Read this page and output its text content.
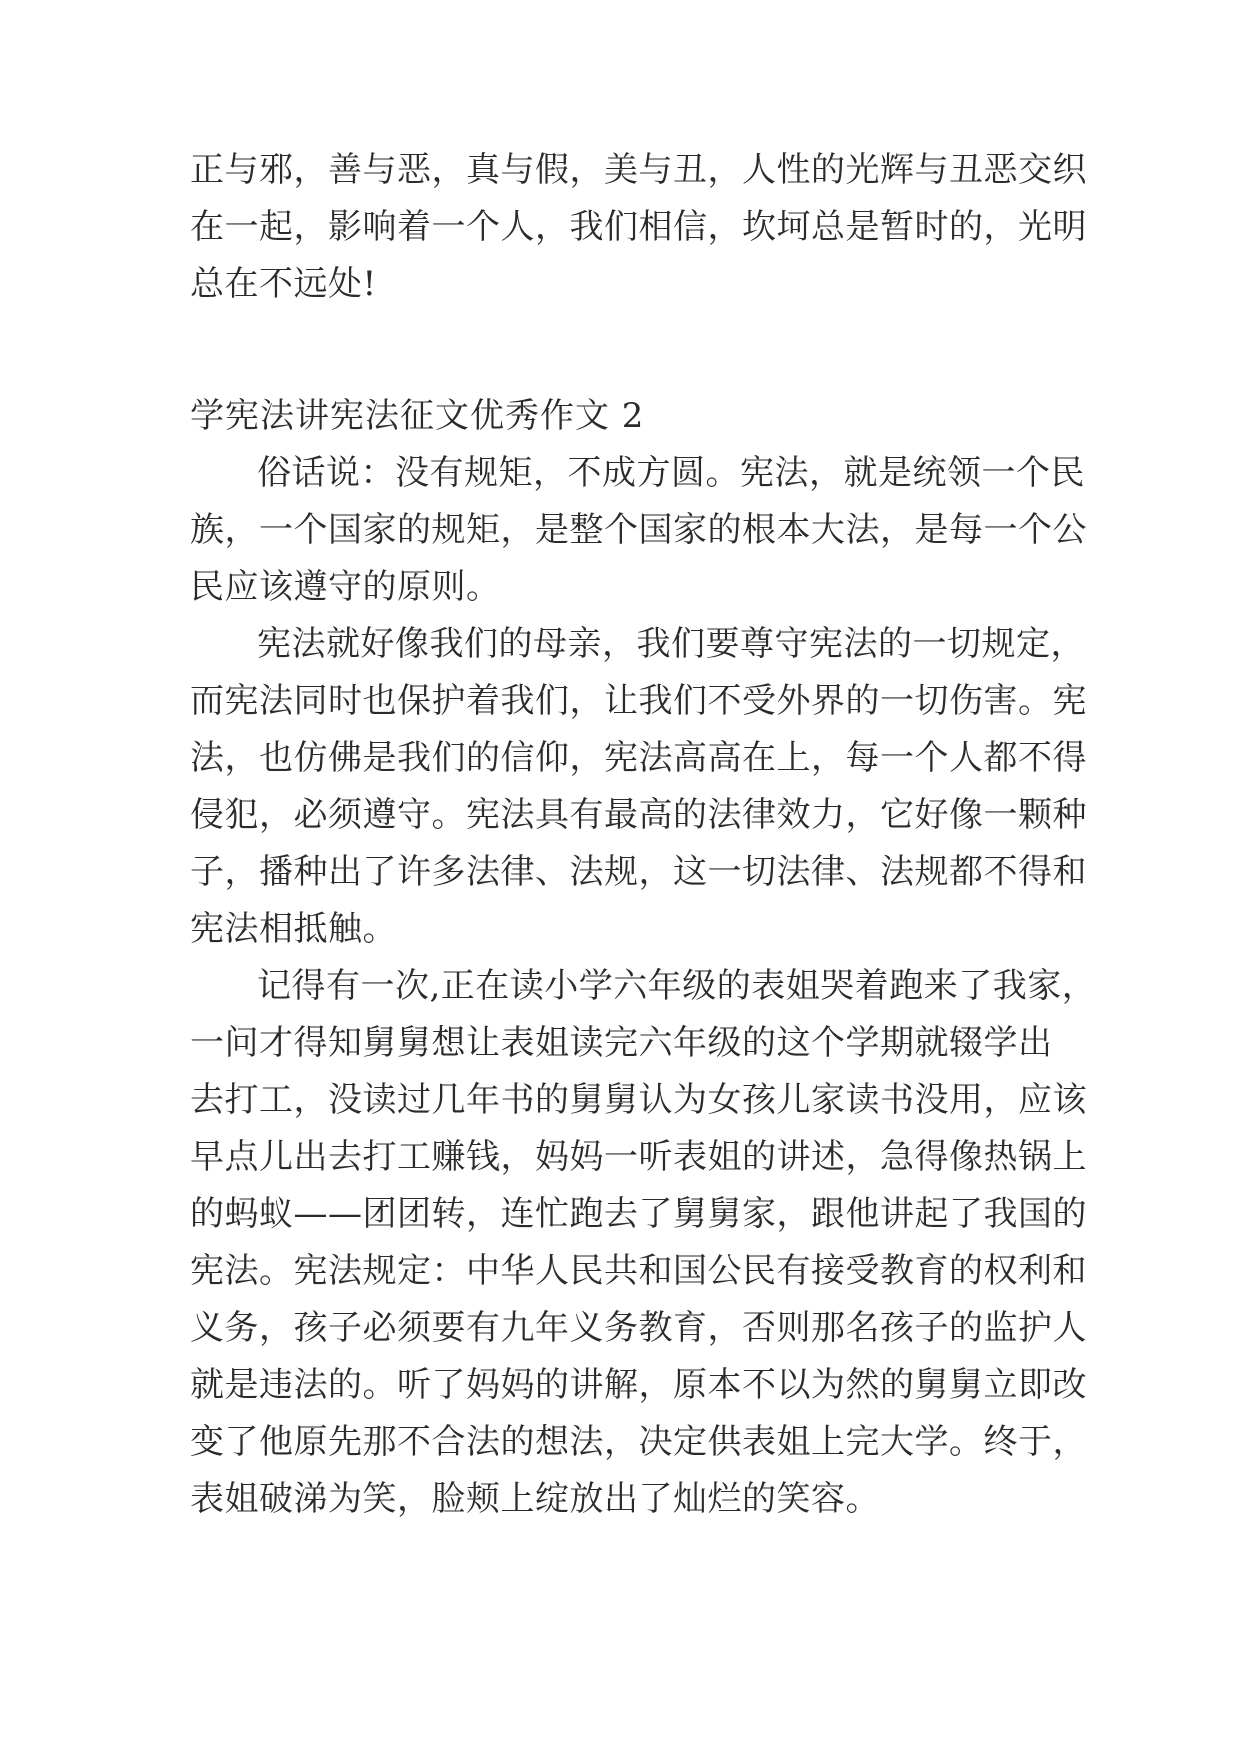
正与邪，善与恶，真与假，美与丑，人性的光辉与丑恶交织
在一起，影响着一个人，我们相信，坎坷总是暂时的，光明
总在不远处!
学宪法讲宪法征文优秀作文 2
俗话说：没有规矩，不成方圆。宪法，就是统领一个民
族，一个国家的规矩，是整个国家的根本大法，是每一个公
民应该遵守的原则。
宪法就好像我们的母亲，我们要尊守宪法的一切规定，
而宪法同时也保护着我们，让我们不受外界的一切伤害。宪
法，也仿佛是我们的信仰，宪法高高在上，每一个人都不得
侵犯，必须遵守。宪法具有最高的法律效力，它好像一颗种
子，播种出了许多法律、法规，这一切法律、法规都不得和
宪法相抵触。
记得有一次,正在读小学六年级的表姐哭着跑来了我家，
一问才得知舅舅想让表姐读完六年级的这个学期就辍学出
去打工，没读过几年书的舅舅认为女孩儿家读书没用，应该
早点儿出去打工赚钱，妈妈一听表姐的讲述，急得像热锅上
的蚂蚁——团团转，连忙跑去了舅舅家，跟他讲起了我国的
宪法。宪法规定：中华人民共和国公民有接受教育的权利和
义务，孩子必须要有九年义务教育，否则那名孩子的监护人
就是违法的。听了妈妈的讲解，原本不以为然的舅舅立即改
变了他原先那不合法的想法，决定供表姐上完大学。终于，
表姐破涕为笑，脸颊上绽放出了灿烂的笑容。
